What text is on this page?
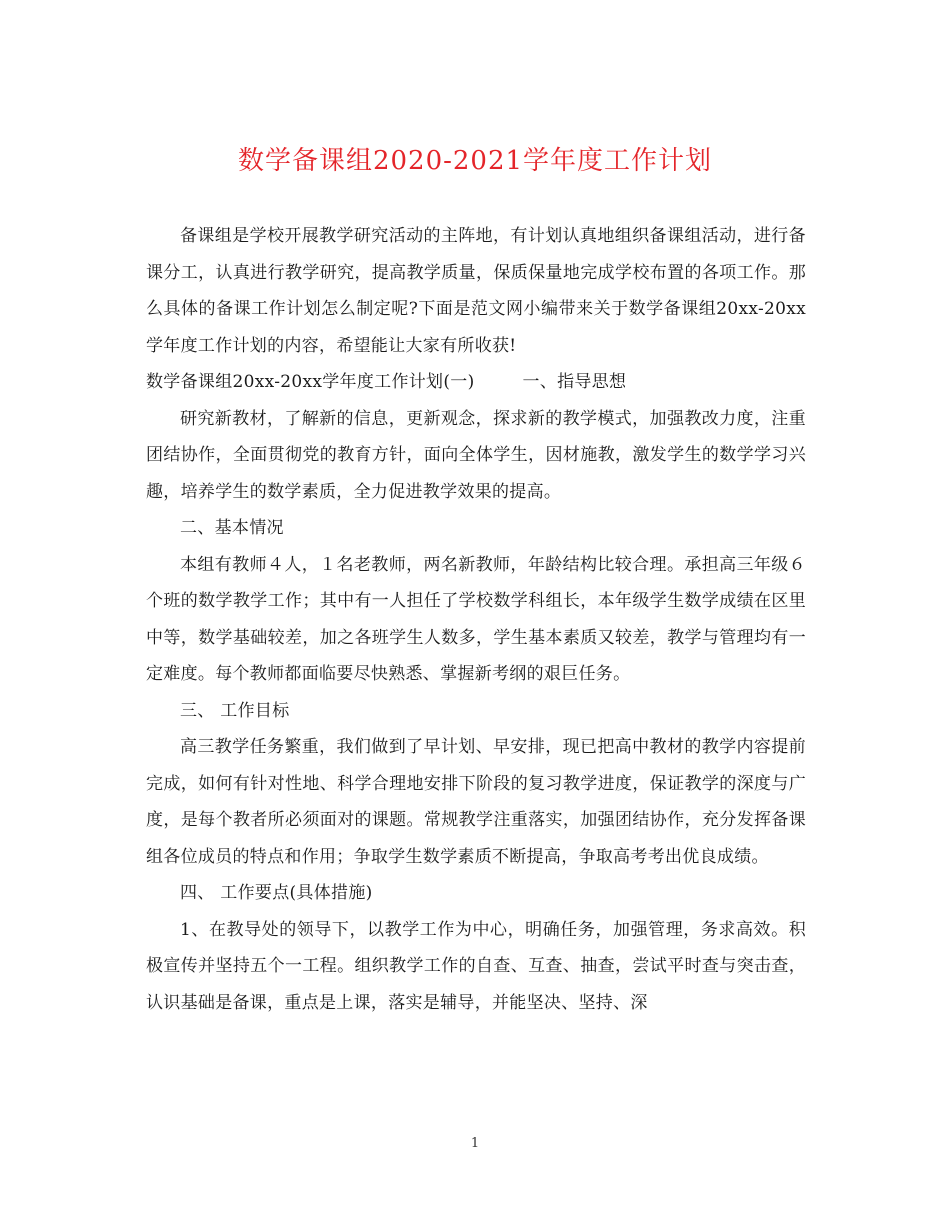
数学备课组2020-2021学年度工作计划

备课组是学校开展教学研究活动的主阵地，有计划认真地组织备课组活动，进行备课分工，认真进行教学研究，提高教学质量，保质保量地完成学校布置的各项工作。那么具体的备课工作计划怎么制定呢?下面是范文网小编带来关于数学备课组20xx-20xx学年度工作计划的内容，希望能让大家有所收获!

数学备课组20xx-20xx学年度工作计划(一)	一、指导思想

研究新教材，了解新的信息，更新观念，探求新的教学模式，加强教改力度，注重团结协作，全面贯彻党的教育方针，面向全体学生，因材施教，激发学生的数学学习兴趣，培养学生的数学素质，全力促进教学效果的提高。

二、基本情况

本组有教师４人，１名老教师，两名新教师，年龄结构比较合理。承担高三年级６个班的数学教学工作；其中有一人担任了学校数学科组长，本年级学生数学成绩在区里中等，数学基础较差，加之各班学生人数多，学生基本素质又较差，教学与管理均有一定难度。每个教师都面临要尽快熟悉、掌握新考纲的艰巨任务。

三、 工作目标

高三教学任务繁重，我们做到了早计划、早安排，现已把高中教材的教学内容提前完成，如何有针对性地、科学合理地安排下阶段的复习教学进度，保证教学的深度与广度，是每个教者所必须面对的课题。常规教学注重落实，加强团结协作，充分发挥备课组各位成员的特点和作用；争取学生数学素质不断提高，争取高考考出优良成绩。

四、 工作要点(具体措施)

1、在教导处的领导下，以教学工作为中心，明确任务，加强管理，务求高效。积极宣传并坚持五个一工程。组织教学工作的自查、互查、抽查，尝试平时查与突击查，认识基础是备课，重点是上课，落实是辅导，并能坚决、坚持、深

1
